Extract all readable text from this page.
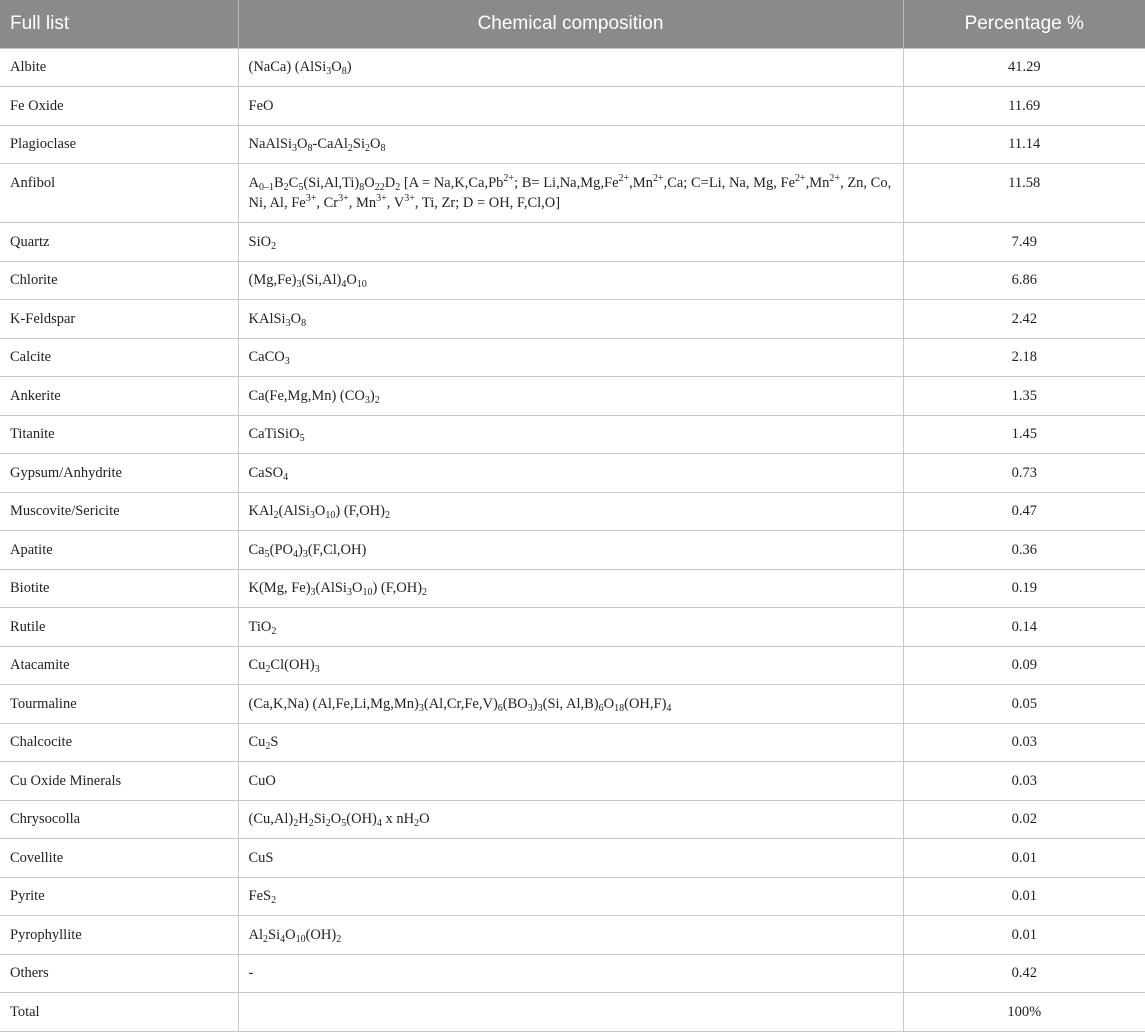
Full list	Chemical composition	Percentage %
Albite	(NaCa) $(AlSi_3O_8)$	41.29
Fe Oxide	FeO	11.69
Plagioclase	$NaAlSi_3O_8-CaAl_2Si_2O_8$	11.14
Anfibol	$A_{0-1}B_2C_5(Si,Al,Ti)_8O_{22}D_2$ [$A = Na,K,Ca,Pb^{2+}$; $B= Li,Na,Mg,Fe^{2+},Mn^{2+},Ca$; C=Li, Na, Mg, $Fe^{2+},Mn^{2+}$, Zn, Co, Ni, Al, $Fe^{3+}$, $Cr^{3+}$, $Mn^{3+}$, $V^{3+}$, Ti, Zr; D = OH, F,Cl,O]	11.58
Quartz	SiO$_2$	7.49
Chlorite	$(Mg,Fe)_3(Si,Al)_4O_{10}$	6.86
K-Feldspar	$KAlSi_3O_8$	2.42
Calcite	CaCO$_3$	2.18
Ankerite	Ca(Fe,Mg,Mn) $(CO_3)_2$	1.35
Titanite	CaTiSiO$_5$	1.45
Gypsum/Anhydrite	CaSO$_4$	0.73
Muscovite/Sericite	$KAl_2(AlSi_3O_{10})$ $(F,OH)_2$	0.47
Apatite	$Ca_5(PO_4)_3(F,Cl,OH)$	0.36
Biotite	K(Mg, $Fe)_3(AlSi_3O_{10})$ $(F,OH)_2$	0.19
Rutile	TiO$_2$	0.14
Atacamite	$Cu_2Cl(OH)_3$	0.09
Tourmaline	(Ca,K,Na) $(Al,Fe,Li,Mg,Mn)_3(Al,Cr,Fe,V)_6(BO_3)_3(Si$, $Al,B)_6O_{18}(OH,F)_4$	0.05
Chalcocite	$Cu_2S$	0.03
Cu Oxide Minerals	CuO	0.03
Chrysocolla	$(Cu,Al)_2H_2Si_2O_5(OH)_4$ x $nH_2O$	0.02
Covellite	CuS	0.01
Pyrite	FeS$_2$	0.01
Pyrophyllite	$Al_2Si_4O_{10}(OH)_2$	0.01
Others	-	0.42
Total		100%
